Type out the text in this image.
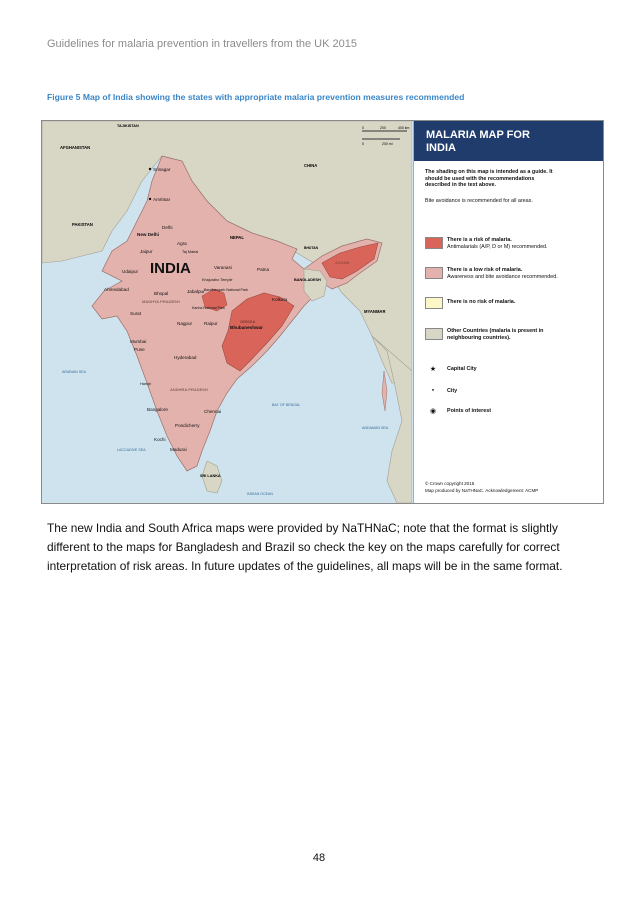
Guidelines for malaria prevention in travellers from the UK 2015
Figure 5 Map of India showing the states with appropriate malaria prevention measures recommended
0	200	400 km
0	200 mi
TAJIKISTAN
AFGHANISTAN
PAKISTAN
CHINA
NEPAL
BHUTAN
BANGLADESH
MYANMAR
SRI LANKA
INDIA	ASSAM
MADHYA PRADESH
ORISSA
ANDHRA PRADESH
ARABIAN SEA
BAY OF BENGAL
ANDAMAN SEA
LACCADIVE SEA
INDIAN OCEAN
Srinagar
Amritsar
Delhi
New Delhi
Agra
Taj Mahal
Jaipur
Udaipur
Varanasi	Patna
Khajuraho Temple
Ahmedabad
Bhopal	Jabalpur Bandhavgarh National Park
Kanha National Park
Kolkata
Surat
Nagpur	Raipur
Bhubaneshwar
Mumbai
Pune
Hyderabad
Hampi
Bangalore	Chennai
Pondicherry
Kochi
Madurai
MALARIA MAP FOR
INDIA
The shading on this map is intended as a guide. It
should be used with the recommendations
described in the text above.
Bite avoidance is recommended for all areas.
There is a risk of malaria.
Antimalarials (A/P, D or M) recommended.
There is a low risk of malaria.
Awareness and bite avoidance recommended.
There is no risk of malaria.
Other Countries (malaria is present in
neighbouring countries).
★	Capital City
●	City
◉	Points of interest
© Crown copyright 2015
Map produced by NaTHNaC. Acknowledgement: ACMP
The new India and South Africa maps were provided by NaTHNaC; note that the format is slightly different to the maps for Bangladesh and Brazil so check the key on the maps carefully for correct interpretation of risk areas. In future updates of the guidelines, all maps will be in the same format.
48
